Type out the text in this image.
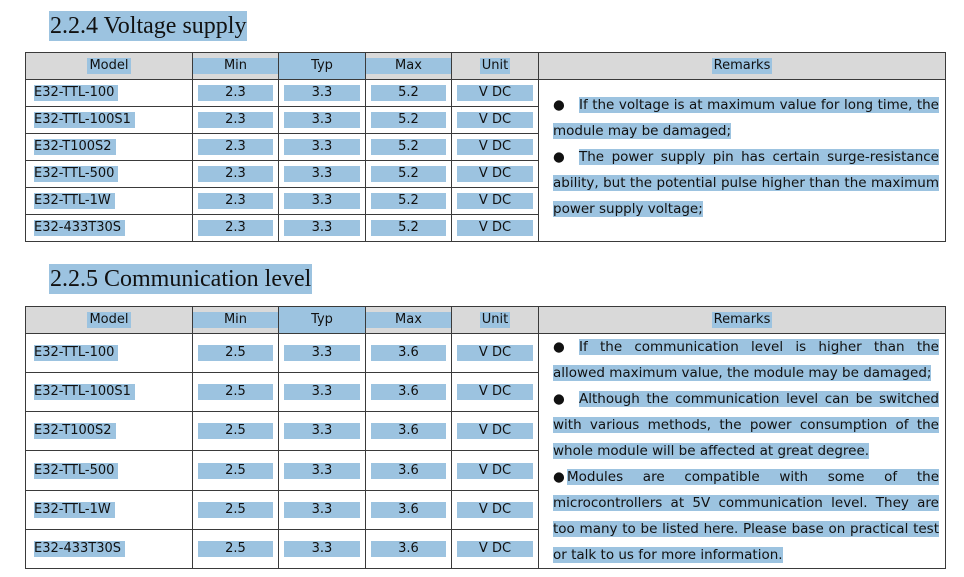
2.2.4 Voltage supply
Model	Min	Typ	Max	Unit	Remarks
E32-TTL-100	2.3	3.3	5.2	V DC	● If the voltage is at maximum value for long time, the module may be damaged;

● The power supply pin has certain surge-resistance ability, but the potential pulse higher than the maximum power supply voltage;

E32-TTL-100S1	2.3	3.3	5.2	V DC	
E32-T100S2	2.3	3.3	5.2	V DC	
E32-TTL-500	2.3	3.3	5.2	V DC	
E32-TTL-1W	2.3	3.3	5.2	V DC	
E32-433T30S	2.3	3.3	5.2	V DC	
2.2.5 Communication level
Model	Min	Typ	Max	Unit	Remarks
E32-TTL-100	2.5	3.3	3.6	V DC	● If the communication level is higher than the allowed maximum value, the module may be damaged;

● Although the communication level can be switched with various methods, the power consumption of the whole module will be affected at great degree.

● Modules are compatible with some of the microcontrollers at 5V communication level. They are too many to be listed here. Please base on practical test or talk to us for more information.

E32-TTL-100S1	2.5	3.3	3.6	V DC	
E32-T100S2	2.5	3.3	3.6	V DC	
E32-TTL-500	2.5	3.3	3.6	V DC	
E32-TTL-1W	2.5	3.3	3.6	V DC	
E32-433T30S	2.5	3.3	3.6	V DC	
